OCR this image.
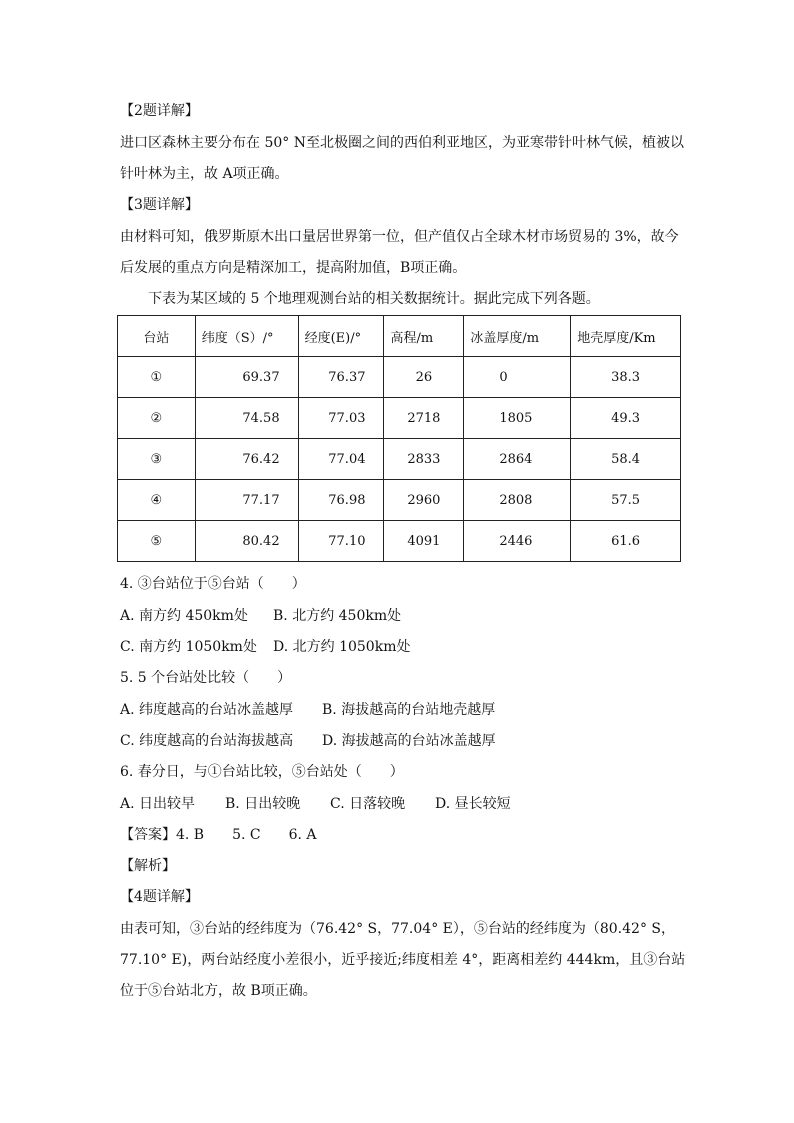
【2题详解】
进口区森林主要分布在 50° N至北极圈之间的西伯利亚地区，为亚寒带针叶林气候，植被以
针叶林为主，故 A项正确。
【3题详解】
由材料可知，俄罗斯原木出口量居世界第一位，但产值仅占全球木材市场贸易的 3%，故今
后发展的重点方向是精深加工，提高附加值，B项正确。
下表为某区域的 5 个地理观测台站的相关数据统计。据此完成下列各题。
台站	纬度（S）/°	经度(E)/°	高程/m	冰盖厚度/m	地壳厚度/Km
①	69.37	76.37	26	0	38.3
②	74.58	77.03	2718	1805	49.3
③	76.42	77.04	2833	2864	58.4
④	77.17	76.98	2960	2808	57.5
⑤	80.42	77.10	4091	2446	61.6
4. ③台站位于⑤台站（　　）
A. 南方约 450km处 B. 北方约 450km处
C. 南方约 1050km处 D. 北方约 1050km处
5. 5 个台站处比较（　　）
A. 纬度越高的台站冰盖越厚 B. 海拔越高的台站地壳越厚
C. 纬度越高的台站海拔越高 D. 海拔越高的台站冰盖越厚
6. 春分日，与①台站比较，⑤台站处（　　）
A. 日出较早 B. 日出较晚 C. 日落较晚 D. 昼长较短
【答案】4. B　　5. C　　6. A
【解析】
【4题详解】
由表可知，③台站的经纬度为（76.42° S，77.04° E），⑤台站的经纬度为（80.42° S，
77.10° E)，两台站经度小差很小，近乎接近;纬度相差 4°，距离相差约 444km，且③台站
位于⑤台站北方，故 B项正确。
